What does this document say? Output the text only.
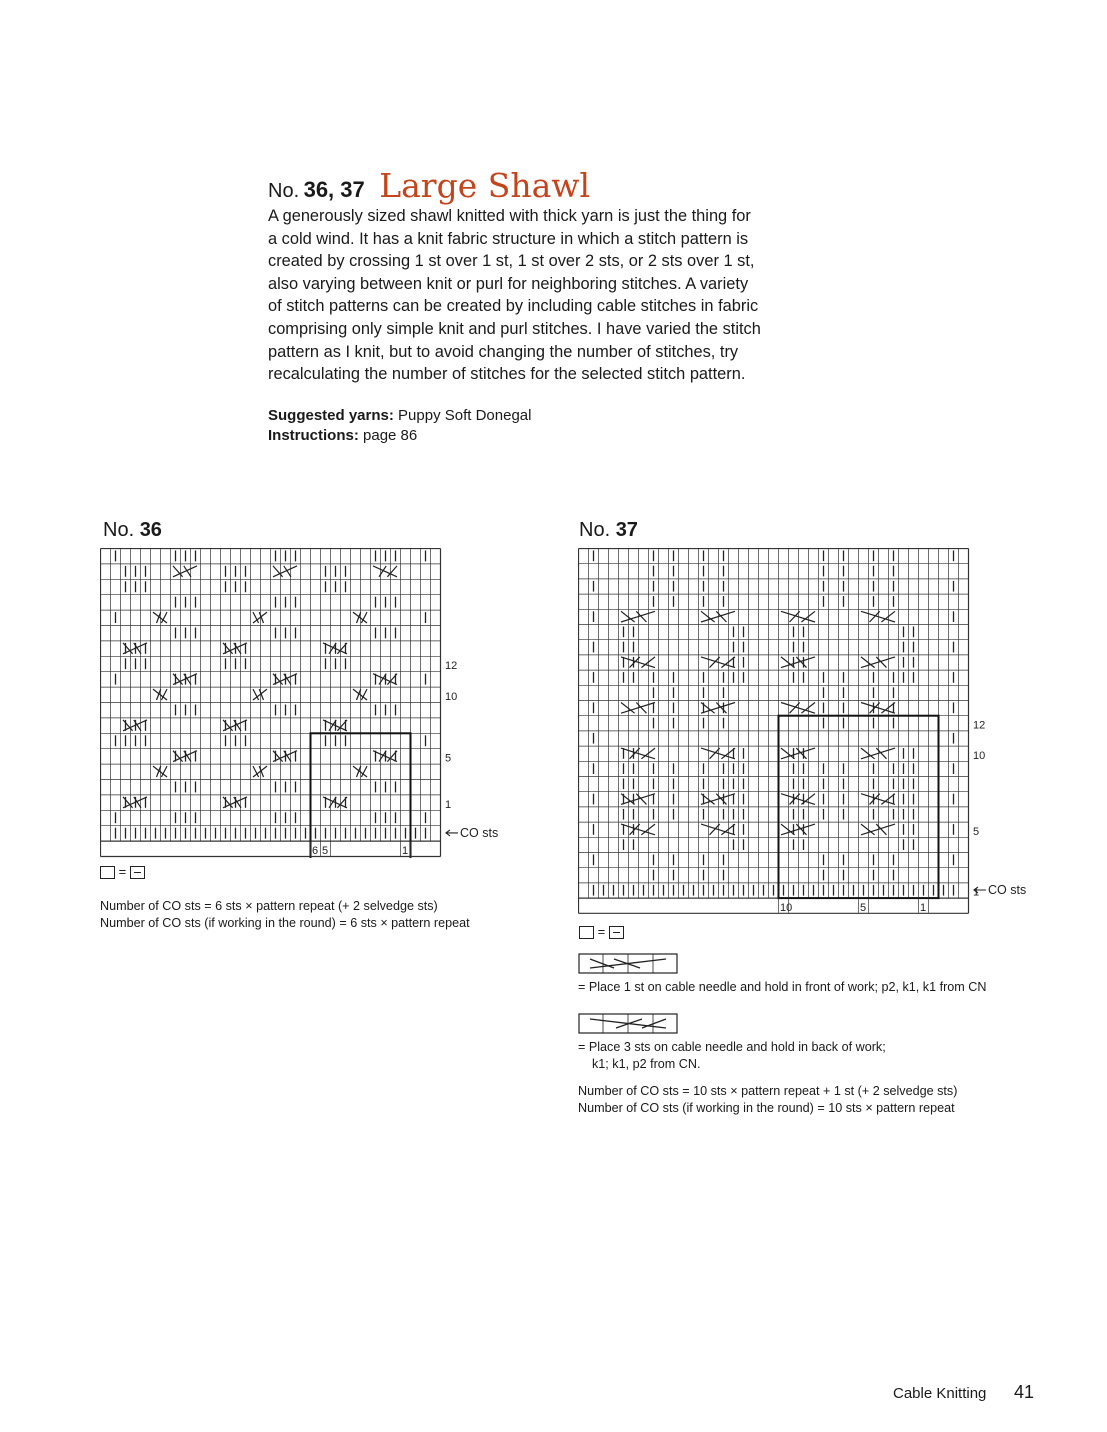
No. 36, 37 Large Shawl
A generously sized shawl knitted with thick yarn is just the thing for
a cold wind. It has a knit fabric structure in which a stitch pattern is
created by crossing 1 st over 1 st, 1 st over 2 sts, or 2 sts over 1 st,
also varying between knit or purl for neighboring stitches. A variety
of stitch patterns can be created by including cable stitches in fabric
comprising only simple knit and purl stitches. I have varied the stitch
pattern as I knit, but to avoid changing the number of stitches, try
recalculating the number of stitches for the selected stitch pattern.
Suggested yarns: Puppy Soft Donegal
Instructions: page 86
No. 36
6 5	1
CO sts
12
10
5
1
=
Number of CO sts = 6 sts × pattern repeat (+ 2 selvedge sts)
Number of CO sts (if working in the round) = 6 sts × pattern repeat
No. 37
12
10
5
1
10	5	1
CO sts
=
= Place 1 st on cable needle and hold in front of work; p2, k1, k1 from CN
= Place 3 sts on cable needle and hold in back of work;
k1; k1, p2 from CN.
Number of CO sts = 10 sts × pattern repeat + 1 st (+ 2 selvedge sts)
Number of CO sts (if working in the round) = 10 sts × pattern repeat
Cable Knitting 41
